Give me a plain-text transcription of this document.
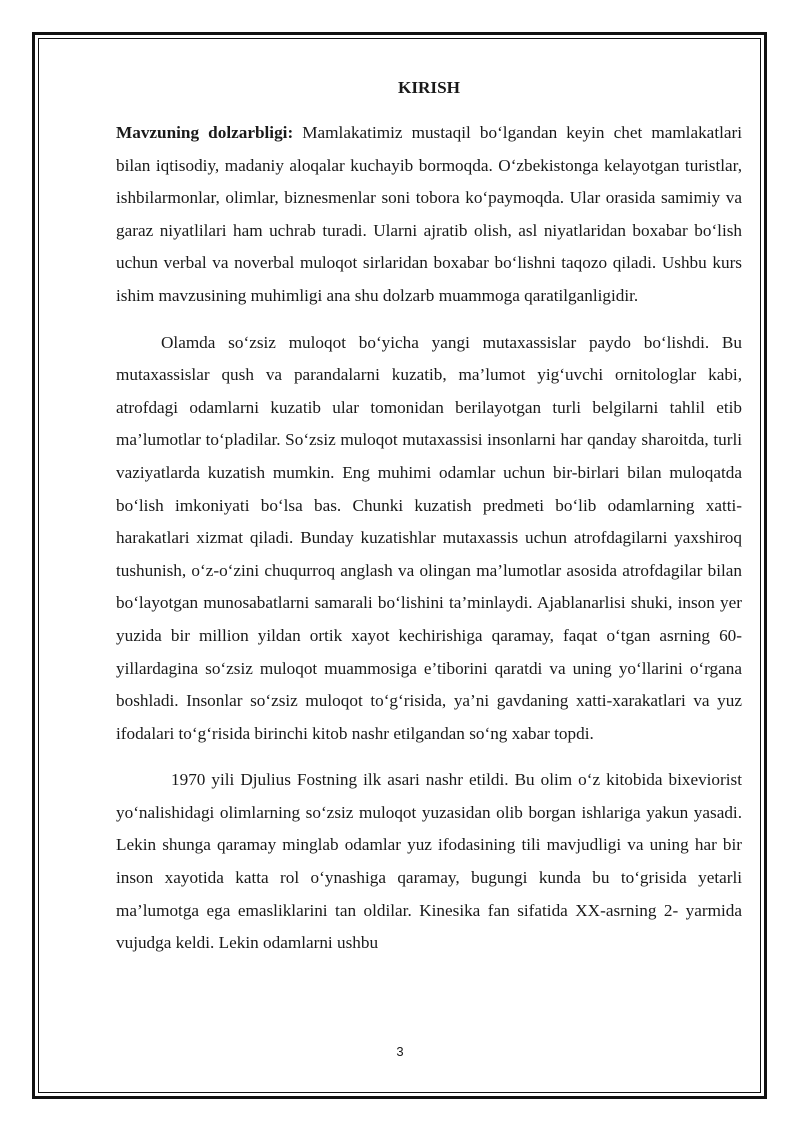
KIRISH

Mavzuning dolzarbligi: Mamlakatimiz mustaqil bo‘lgandan keyin chet mamlakatlari bilan iqtisodiy, madaniy aloqalar kuchayib bormoqda. O‘zbekistonga kelayotgan turistlar, ishbilarmonlar, olimlar, biznesmenlar soni tobora ko‘paymoqda. Ular orasida samimiy va garaz niyatlilari ham uchrab turadi. Ularni ajratib olish, asl niyatlaridan boxabar bo‘lish uchun verbal va noverbal muloqot sirlaridan boxabar bo‘lishni taqozo qiladi. Ushbu kurs ishim mavzusining muhimligi ana shu dolzarb muammoga qaratilganligidir.

Olamda so‘zsiz muloqot bo‘yicha yangi mutaxassislar paydo bo‘lishdi. Bu mutaxassislar qush va parandalarni kuzatib, ma’lumot yig‘uvchi ornitologlar kabi, atrofdagi odamlarni kuzatib ular tomonidan berilayotgan turli belgilarni tahlil etib ma’lumotlar to‘pladilar. So‘zsiz muloqot mutaxassisi insonlarni har qanday sharoitda, turli vaziyatlarda kuzatish mumkin. Eng muhimi odamlar uchun bir-birlari bilan muloqatda bo‘lish imkoniyati bo‘lsa bas. Chunki kuzatish predmeti bo‘lib odamlarning xatti-harakatlari xizmat qiladi. Bunday kuzatishlar mutaxassis uchun atrofdagilarni yaxshiroq tushunish, o‘z-o‘zini chuqurroq anglash va olingan ma’lumotlar asosida atrofdagilar bilan bo‘layotgan munosabatlarni samarali bo‘lishini ta’minlaydi. Ajablanarlisi shuki, inson yer yuzida bir million yildan ortik xayot kechirishiga qaramay, faqat o‘tgan asrning 60-yillardagina so‘zsiz muloqot muammosiga e’tiborini qaratdi va uning yo‘llarini o‘rgana boshladi. Insonlar so‘zsiz muloqot to‘g‘risida, ya’ni gavdaning xatti-xarakatlari va yuz ifodalari to‘g‘risida birinchi kitob nashr etilgandan so‘ng xabar topdi.

1970 yili Djulius Fostning ilk asari nashr etildi. Bu olim o‘z kitobida bixeviorist yo‘nalishidagi olimlarning so‘zsiz muloqot yuzasidan olib borgan ishlariga yakun yasadi. Lekin shunga qaramay minglab odamlar yuz ifodasining tili mavjudligi va uning har bir inson xayotida katta rol o‘ynashiga qaramay, bugungi kunda bu to‘grisida yetarli ma’lumotga ega emasliklarini tan oldilar. Kinesika fan sifatida XX-asrning 2- yarmida vujudga keldi. Lekin odamlarni ushbu

3
